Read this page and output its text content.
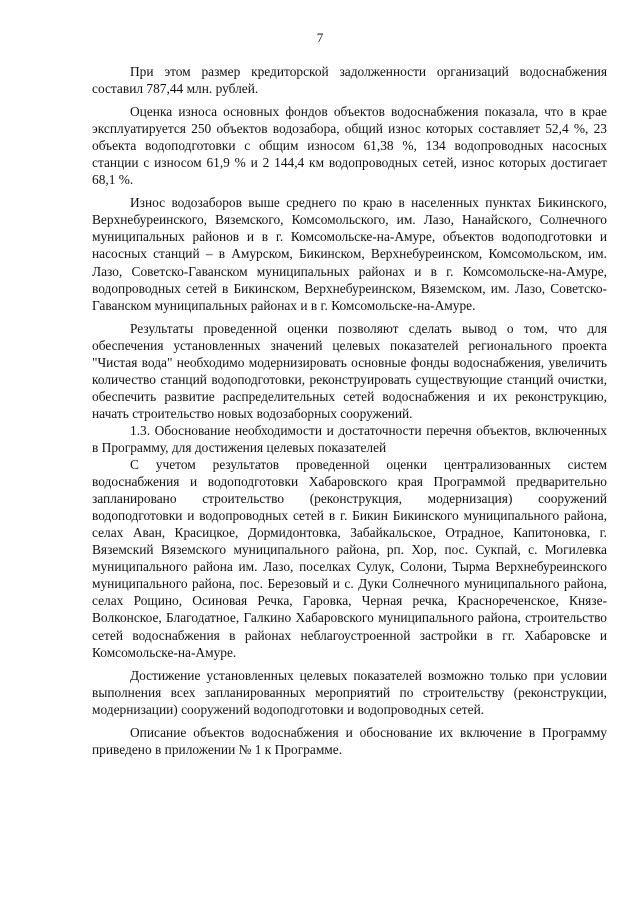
7

При этом размер кредиторской задолженности организаций водоснабжения составил 787,44 млн. рублей.

Оценка износа основных фондов объектов водоснабжения показала, что в крае эксплуатируется 250 объектов водозабора, общий износ которых составляет 52,4 %, 23 объекта водоподготовки с общим износом 61,38 %, 134 водопроводных насосных станции с износом 61,9 % и 2 144,4 км водопроводных сетей, износ которых достигает 68,1 %.

Износ водозаборов выше среднего по краю в населенных пунктах Бикинского, Верхнебуреинского, Вяземского, Комсомольского, им. Лазо, Нанайского, Солнечного муниципальных районов и в г. Комсомольске-на-Амуре, объектов водоподготовки и насосных станций – в Амурском, Бикинском, Верхнебуреинском, Комсомольском, им. Лазо, Советско-Гаванском муниципальных районах и в г. Комсомольске-на-Амуре, водопроводных сетей в Бикинском, Верхнебуреинском, Вяземском, им. Лазо, Советско-Гаванском муниципальных районах и в г. Комсомольске-на-Амуре.

Результаты проведенной оценки позволяют сделать вывод о том, что для обеспечения установленных значений целевых показателей регионального проекта "Чистая вода" необходимо модернизировать основные фонды водоснабжения, увеличить количество станций водоподготовки, реконструировать существующие станций очистки, обеспечить развитие распределительных сетей водоснабжения и их реконструкцию, начать строительство новых водозаборных сооружений.

1.3. Обоснование необходимости и достаточности перечня объектов, включенных в Программу, для достижения целевых показателей

С учетом результатов проведенной оценки централизованных систем водоснабжения и водоподготовки Хабаровского края Программой предварительно запланировано строительство (реконструкция, модернизация) сооружений водоподготовки и водопроводных сетей в г. Бикин Бикинского муниципального района, селах Аван, Красицкое, Дормидонтовка, Забайкальское, Отрадное, Капитоновка, г. Вяземский Вяземского муниципального района, рп. Хор, пос. Сукпай, с. Могилевка муниципального района им. Лазо, поселках Сулук, Солони, Тырма Верхнебуреинского муниципального района, пос. Березовый и с. Дуки Солнечного муниципального района, селах Рощино, Осиновая Речка, Гаровка, Черная речка, Краснореченское, Князе-Волконское, Благодатное, Галкино Хабаровского муниципального района, строительство сетей водоснабжения в районах неблагоустроенной застройки в гг. Хабаровске и Комсомольске-на-Амуре.

Достижение установленных целевых показателей возможно только при условии выполнения всех запланированных мероприятий по строительству (реконструкции, модернизации) сооружений водоподготовки и водопроводных сетей.

Описание объектов водоснабжения и обоснование их включение в Программу приведено в приложении № 1 к Программе.
